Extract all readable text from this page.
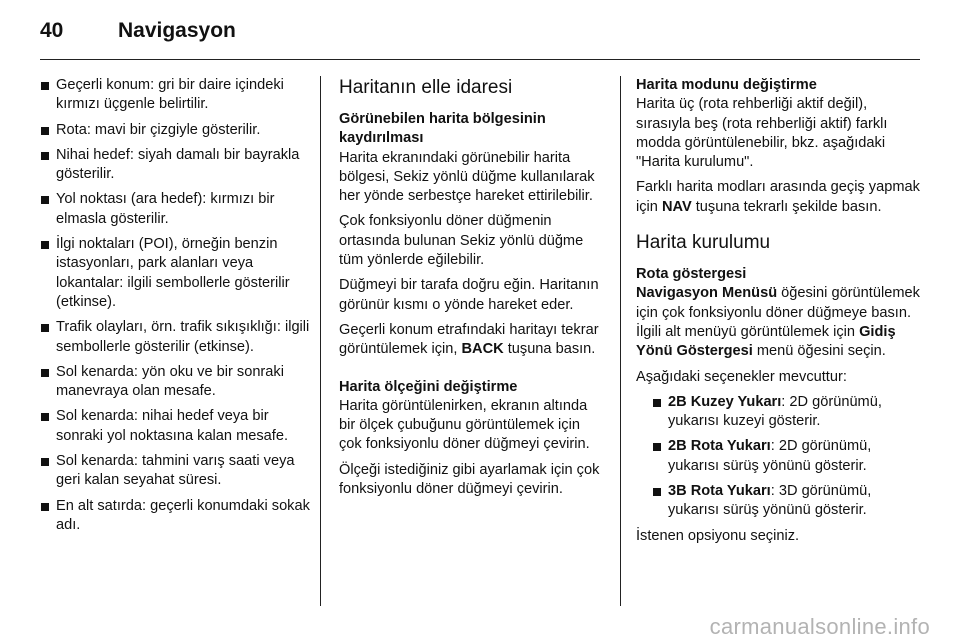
40	Navigasyon
Geçerli konum: gri bir daire içindeki kırmızı üçgenle belirtilir.
Rota: mavi bir çizgiyle gösterilir.
Nihai hedef: siyah damalı bir bayrakla gösterilir.
Yol noktası (ara hedef): kırmızı bir elmasla gösterilir.
İlgi noktaları (POI), örneğin benzin istasyonları, park alanları veya lokantalar: ilgili sembollerle gösterilir (etkinse).
Trafik olayları, örn. trafik sıkışıklığı: ilgili sembollerle gösterilir (etkinse).
Sol kenarda: yön oku ve bir sonraki manevraya olan mesafe.
Sol kenarda: nihai hedef veya bir sonraki yol noktasına kalan mesafe.
Sol kenarda: tahmini varış saati veya geri kalan seyahat süresi.
En alt satırda: geçerli konumdaki sokak adı.
Haritanın elle idaresi
Görünebilen harita bölgesinin kaydırılması

Harita ekranındaki görünebilir harita bölgesi, Sekiz yönlü düğme kullanılarak her yönde serbestçe hareket ettirilebilir.

Çok fonksiyonlu döner düğmenin ortasında bulunan Sekiz yönlü düğme tüm yönlerde eğilebilir.

Düğmeyi bir tarafa doğru eğin. Haritanın görünür kısmı o yönde hareket eder.

Geçerli konum etrafındaki haritayı tekrar görüntülemek için, BACK tuşuna basın.

Harita ölçeğini değiştirme

Harita görüntülenirken, ekranın altında bir ölçek çubuğunu görüntülemek için çok fonksiyonlu döner düğmeyi çevirin.

Ölçeği istediğiniz gibi ayarlamak için çok fonksiyonlu döner düğmeyi çevirin.

Harita modunu değiştirme

Harita üç (rota rehberliği aktif değil), sırasıyla beş (rota rehberliği aktif) farklı modda görüntülenebilir, bkz. aşağıdaki "Harita kurulumu".

Farklı harita modları arasında geçiş yapmak için NAV tuşuna tekrarlı şekilde basın.

Harita kurulumu
Rota göstergesi

Navigasyon Menüsü öğesini görüntülemek için çok fonksiyonlu döner düğmeye basın. İlgili alt menüyü görüntülemek için Gidiş Yönü Göstergesi menü öğesini seçin.

Aşağıdaki seçenekler mevcuttur:

2B Kuzey Yukarı: 2D görünümü, yukarısı kuzeyi gösterir.
2B Rota Yukarı: 2D görünümü, yukarısı sürüş yönünü gösterir.
3B Rota Yukarı: 3D görünümü, yukarısı sürüş yönünü gösterir.

İstenen opsiyonu seçiniz.

carmanualsonline.info
